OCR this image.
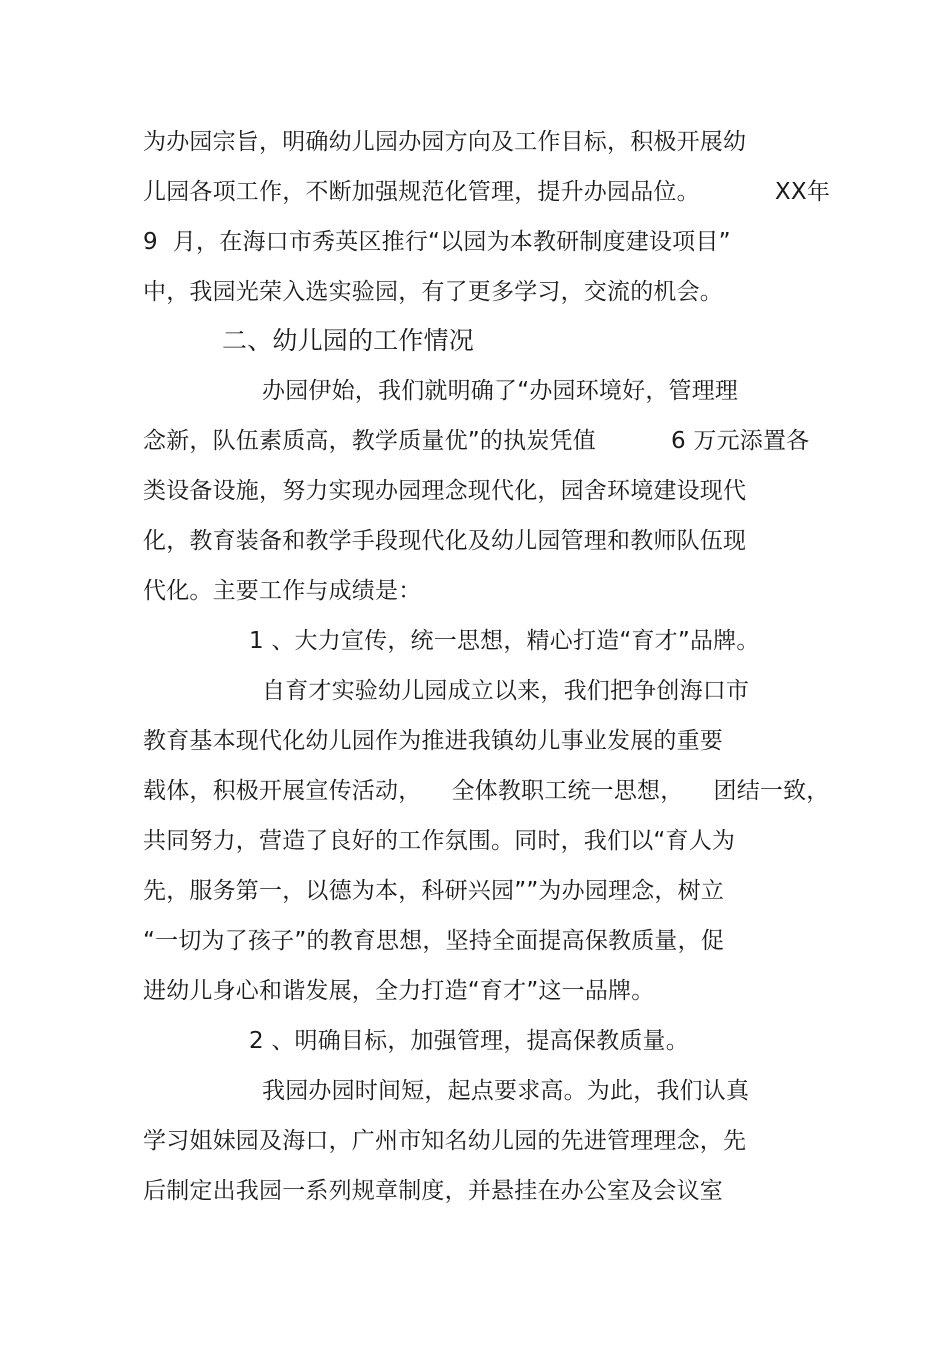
为办园宗旨，明确幼儿园办园方向及工作目标，积极开展幼
儿园各项工作，不断加强规范化管理，提升办园品位。          XX年
9  月，在海口市秀英区推行“以园为本教研制度建设项目”
中，我园光荣入选实验园，有了更多学习，交流的机会。
二、幼儿园的工作情况
办园伊始，我们就明确了“办园环境好，管理理
念新，队伍素质高，教学质量优”的执炭凭值          6 万元添置各
类设备设施，努力实现办园理念现代化，园舍环境建设现代
化，教育装备和教学手段现代化及幼儿园管理和教师队伍现
代化。主要工作与成绩是：
1 、大力宣传，统一思想，精心打造“育才”品牌。
自育才实验幼儿园成立以来，我们把争创海口市
教育基本现代化幼儿园作为推进我镇幼儿事业发展的重要
载体，积极开展宣传活动，    全体教职工统一思想，    团结一致，
共同努力，营造了良好的工作氛围。同时，我们以“育人为
先，服务第一，以德为本，科研兴园””为办园理念，树立
“一切为了孩子”的教育思想，坚持全面提高保教质量，促
进幼儿身心和谐发展，全力打造“育才”这一品牌。
2 、明确目标，加强管理，提高保教质量。
我园办园时间短，起点要求高。为此，我们认真
学习姐妹园及海口，广州市知名幼儿园的先进管理理念，先
后制定出我园一系列规章制度，并悬挂在办公室及会议室
